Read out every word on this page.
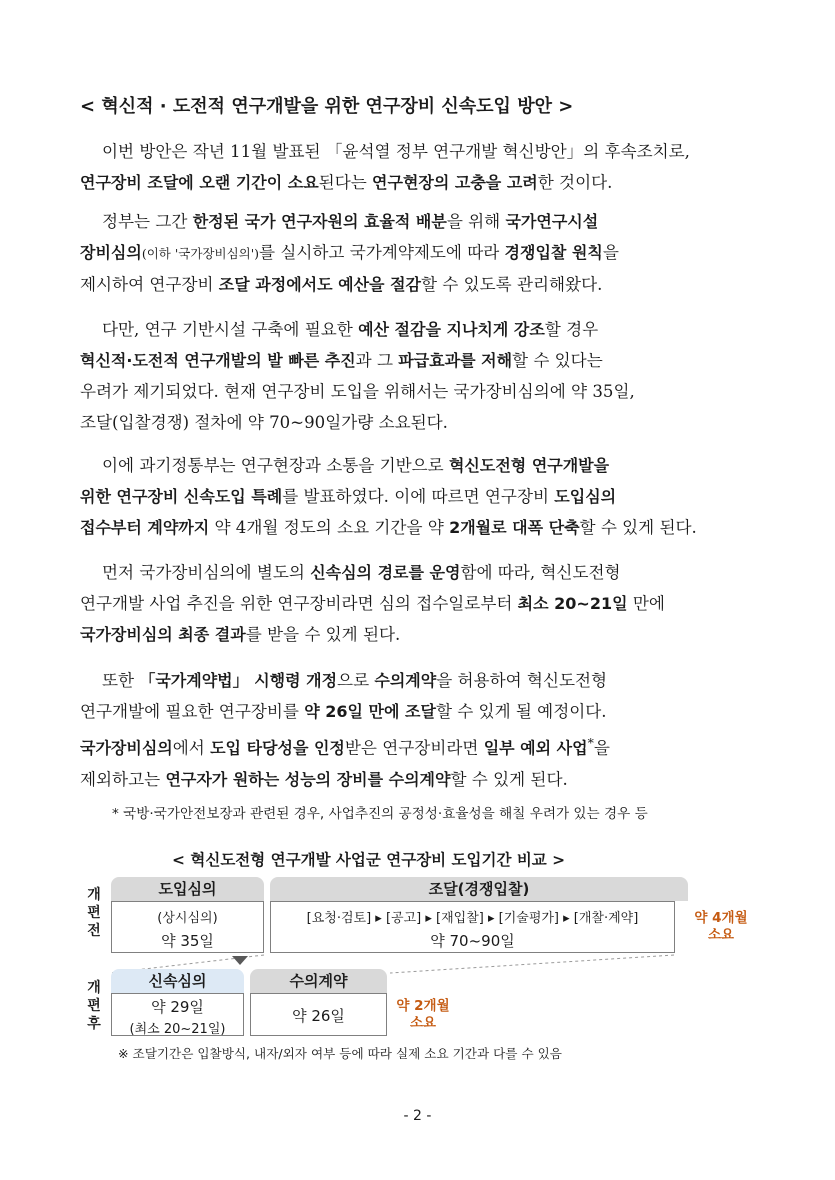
< 혁신적 · 도전적 연구개발을 위한 연구장비 신속도입 방안 >
이번 방안은 작년 11월 발표된 「윤석열 정부 연구개발 혁신방안」의 후속조치로,
연구장비 조달에 오랜 기간이 소요된다는 연구현장의 고충을 고려한 것이다.
정부는 그간 한정된 국가 연구자원의 효율적 배분을 위해 국가연구시설
장비심의(이하 '국가장비심의')를 실시하고 국가계약제도에 따라 경쟁입찰 원칙을
제시하여 연구장비 조달 과정에서도 예산을 절감할 수 있도록 관리해왔다.
다만, 연구 기반시설 구축에 필요한 예산 절감을 지나치게 강조할 경우
혁신적·도전적 연구개발의 발 빠른 추진과 그 파급효과를 저해할 수 있다는
우려가 제기되었다. 현재 연구장비 도입을 위해서는 국가장비심의에 약 35일,
조달(입찰경쟁) 절차에 약 70~90일가량 소요된다.
이에 과기정통부는 연구현장과 소통을 기반으로 혁신도전형 연구개발을
위한 연구장비 신속도입 특례를 발표하였다. 이에 따르면 연구장비 도입심의
접수부터 계약까지 약 4개월 정도의 소요 기간을 약 2개월로 대폭 단축할 수 있게 된다.
먼저 국가장비심의에 별도의 신속심의 경로를 운영함에 따라, 혁신도전형
연구개발 사업 추진을 위한 연구장비라면 심의 접수일로부터 최소 20~21일 만에
국가장비심의 최종 결과를 받을 수 있게 된다.
또한 「국가계약법」 시행령 개정으로 수의계약을 허용하여 혁신도전형
연구개발에 필요한 연구장비를 약 26일 만에 조달할 수 있게 될 예정이다.
국가장비심의에서 도입 타당성을 인정받은 연구장비라면 일부 예외 사업*을
제외하고는 연구자가 원하는 성능의 장비를 수의계약할 수 있게 된다.
* 국방·국가안전보장과 관련된 경우, 사업추진의 공정성·효율성을 해칠 우려가 있는 경우 등
< 혁신도전형 연구개발 사업군 연구장비 도입기간 비교 >
개
편
전
도입심의
(상시심의)
약 35일
조달(경쟁입찰)
[요청·검토] ▸ [공고] ▸ [재입찰] ▸ [기술평가] ▸ [개찰·계약]
약 70~90일
약 4개월
소요
개
편
후
신속심의
약 29일
(최소 20~21일)
수의계약
약 26일
약 2개월
소요
※ 조달기간은 입찰방식, 내자/외자 여부 등에 따라 실제 소요 기간과 다를 수 있음
- 2 -
